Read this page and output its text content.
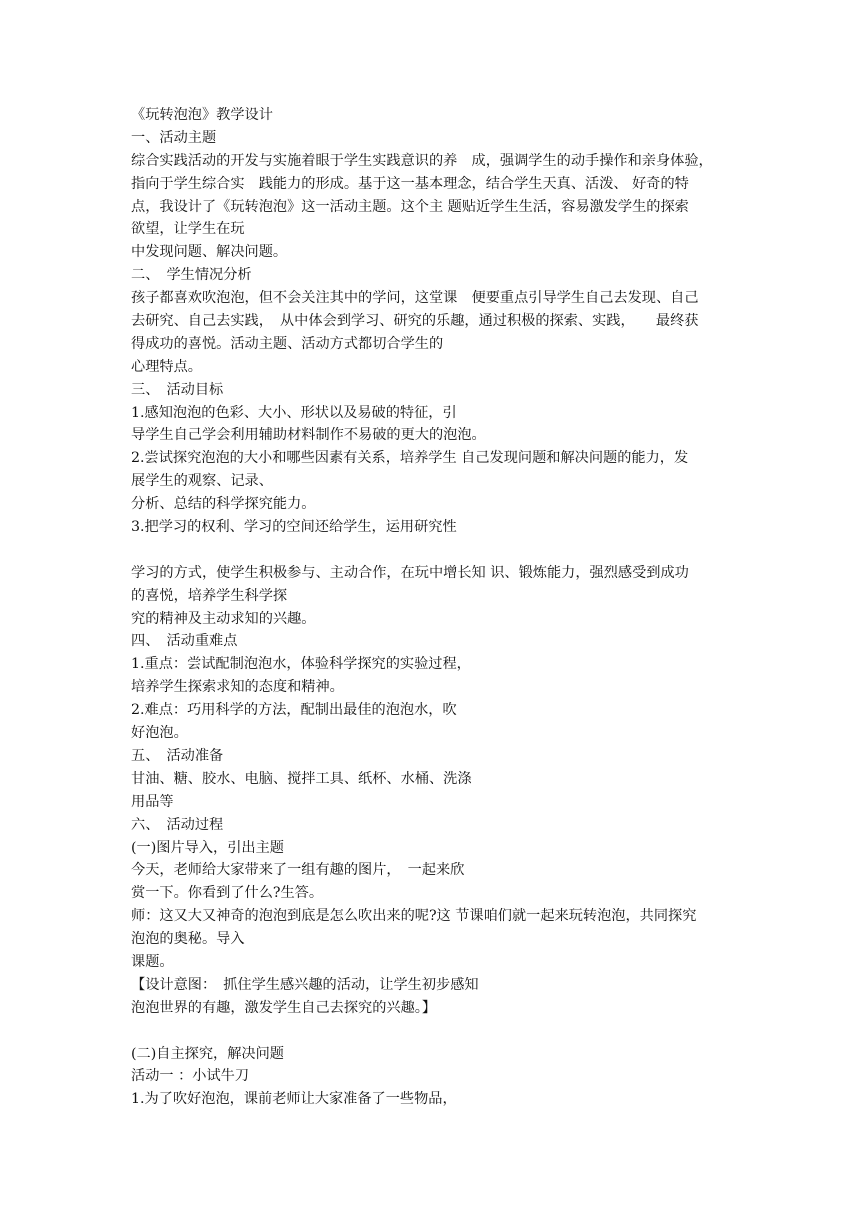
《玩转泡泡》教学设计
一、活动主题
综合实践活动的开发与实施着眼于学生实践意识的养　成，强调学生的动手操作和亲身体验，
指向于学生综合实　践能力的形成。基于这一基本理念，结合学生天真、活泼、 好奇的特
点，我设计了《玩转泡泡》这一活动主题。这个主 题贴近学生生活，容易激发学生的探索
欲望，让学生在玩
中发现问题、解决问题。
二、　学生情况分析
孩子都喜欢吹泡泡，但不会关注其中的学问，这堂课　便要重点引导学生自己去发现、自己
去研究、自己去实践，　从中体会到学习、研究的乐趣，通过积极的探索、实践，　　最终获
得成功的喜悦。活动主题、活动方式都切合学生的
心理特点。
三、　活动目标
1.感知泡泡的色彩、大小、形状以及易破的特征，引
导学生自己学会利用辅助材料制作不易破的更大的泡泡。
2.尝试探究泡泡的大小和哪些因素有关系，培养学生 自己发现问题和解决问题的能力，发
展学生的观察、记录、
分析、总结的科学探究能力。
3.把学习的权利、学习的空间还给学生，运用研究性
学习的方式，使学生积极参与、主动合作，在玩中增长知 识、锻炼能力，强烈感受到成功
的喜悦，培养学生科学探
究的精神及主动求知的兴趣。
四、　活动重难点
1.重点：尝试配制泡泡水，体验科学探究的实验过程，
培养学生探索求知的态度和精神。
2.难点：巧用科学的方法，配制出最佳的泡泡水，吹
好泡泡。
五、　活动准备
甘油、糖、胶水、电脑、搅拌工具、纸杯、水桶、洗涤
用品等
六、　活动过程
(一)图片导入，引出主题
今天，老师给大家带来了一组有趣的图片，　一起来欣
赏一下。你看到了什么?生答。
师：这又大又神奇的泡泡到底是怎么吹出来的呢?这 节课咱们就一起来玩转泡泡，共同探究
泡泡的奥秘。导入
课题。
【设计意图：　抓住学生感兴趣的活动，让学生初步感知
泡泡世界的有趣，激发学生自己去探究的兴趣。】
(二)自主探究，解决问题
活动一 ：小试牛刀
1.为了吹好泡泡，课前老师让大家准备了一些物品，
